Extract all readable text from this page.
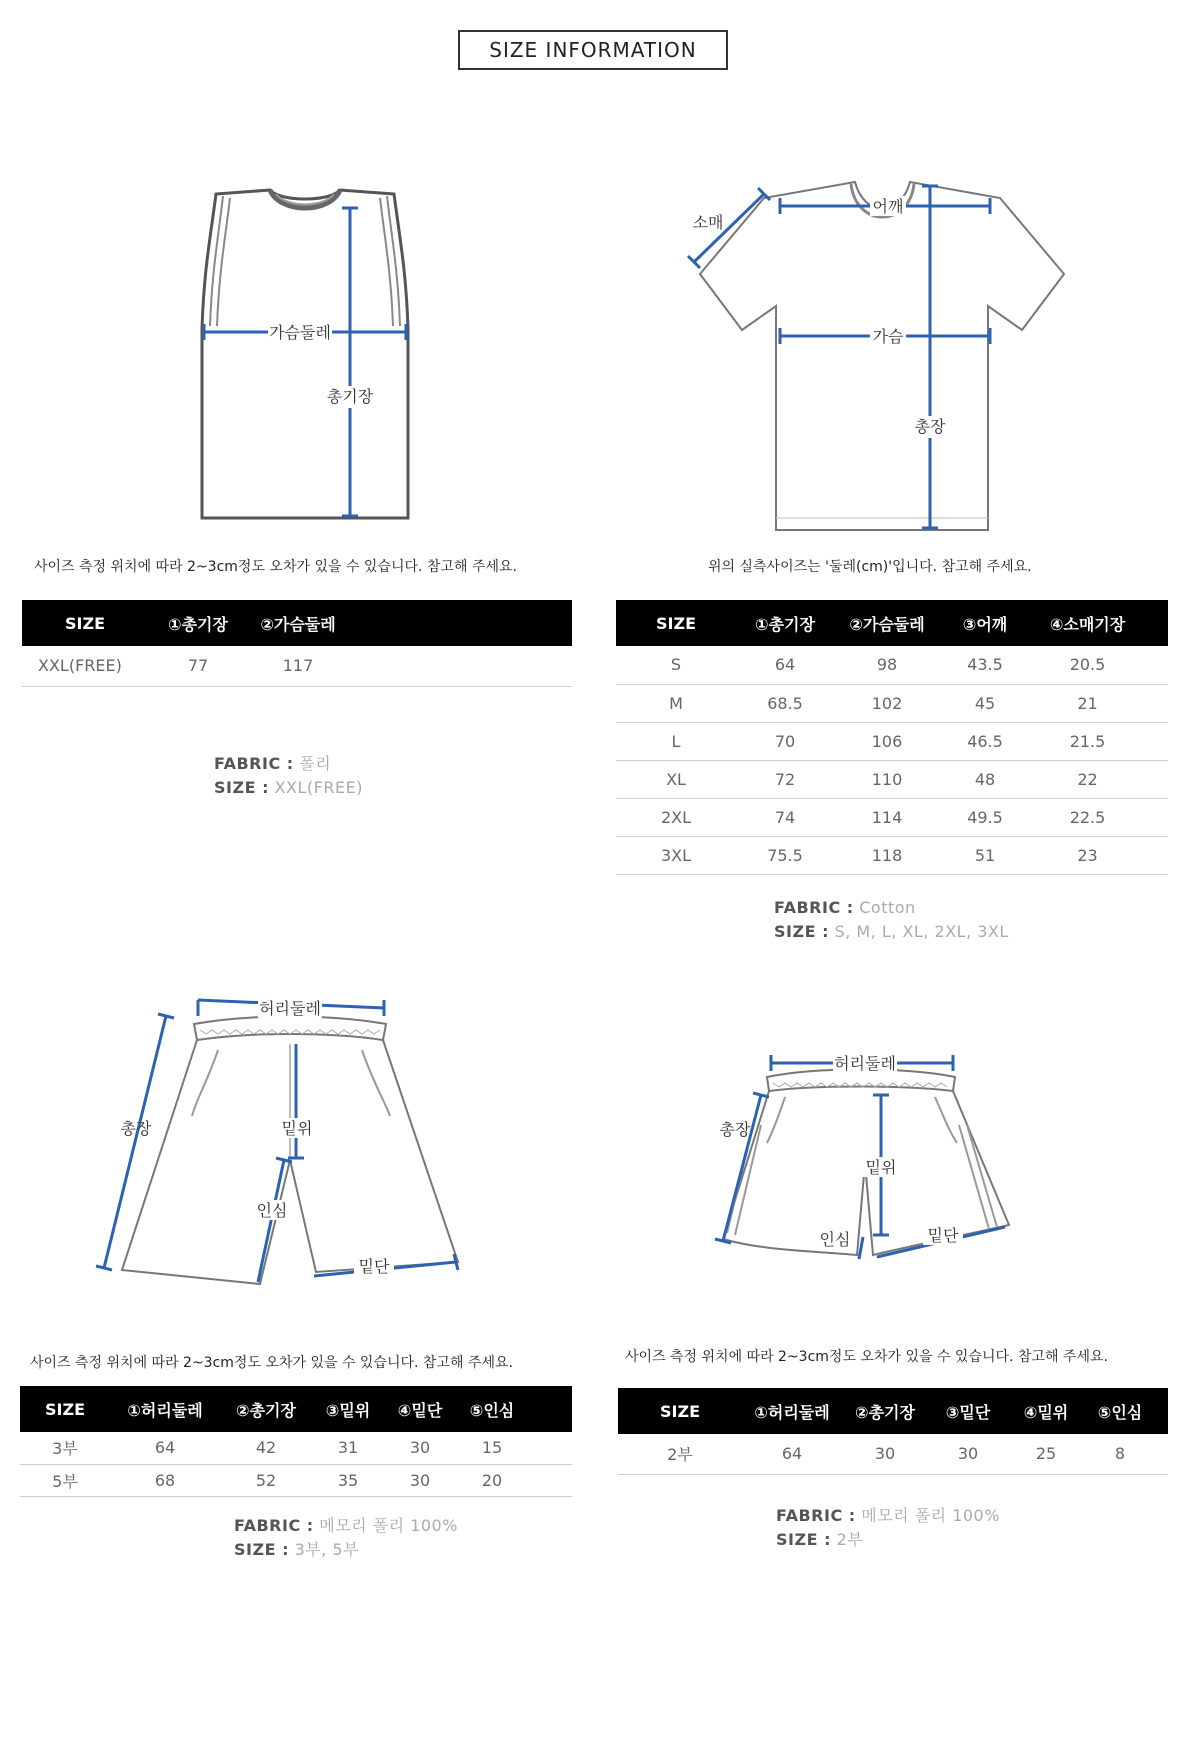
SIZE INFORMATION
가슴둘레
총기장
어깨
가슴
총장
소매
사이즈 측정 위치에 따라 2~3cm정도 오차가 있을 수 있습니다. 참고해 주세요.	위의 실측사이즈는 '둘레(cm)'입니다. 참고해 주세요.
SIZE	①총기장	②가슴둘레	
XXL(FREE)	77	117	
SIZE	①총기장	②가슴둘레	③어깨	④소매기장	
S	64	98	43.5	20.5	
M	68.5	102	45	21	
L	70	106	46.5	21.5	
XL	72	110	48	22	
2XL	74	114	49.5	22.5	
3XL	75.5	118	51	23	
FABRIC : 폴리
SIZE : XXL(FREE)
FABRIC : Cotton
SIZE : S, M, L, XL, 2XL, 3XL
허리둘레
총장	밑위
인심
밑단
허리둘레
총장
밑위
인심	밑단
사이즈 측정 위치에 따라 2~3cm정도 오차가 있을 수 있습니다. 참고해 주세요.	사이즈 측정 위치에 따라 2~3cm정도 오차가 있을 수 있습니다. 참고해 주세요.
SIZE	①허리둘레	②총기장	③밑위	④밑단	⑤인심	
3부	64	42	31	30	15	
5부	68	52	35	30	20	
SIZE	①허리둘레	②총기장	③밑단	④밑위	⑤인심	
2부	64	30	30	25	8	
FABRIC : 메모리 폴리 100%
SIZE : 3부, 5부
FABRIC : 메모리 폴리 100%
SIZE : 2부
